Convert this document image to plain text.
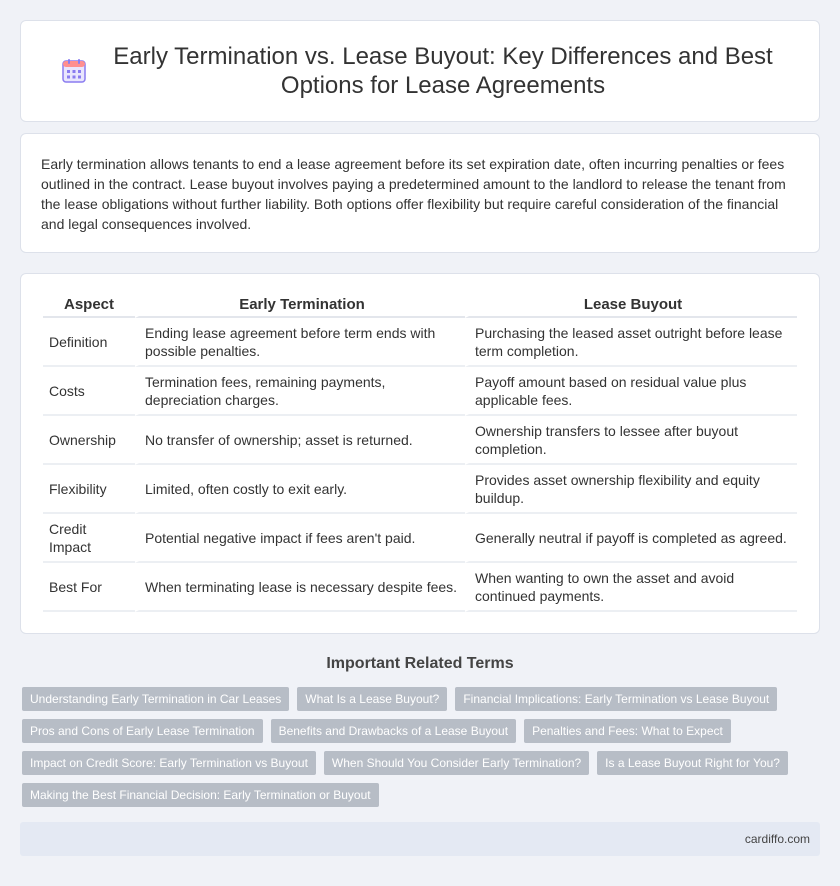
Early Termination vs. Lease Buyout: Key Differences and Best Options for Lease Agreements

Early termination allows tenants to end a lease agreement before its set expiration date, often incurring penalties or fees outlined in the contract. Lease buyout involves paying a predetermined amount to the landlord to release the tenant from the lease obligations without further liability. Both options offer flexibility but require careful consideration of the financial and legal consequences involved.

Aspect	Early Termination	Lease Buyout
Definition	Ending lease agreement before term ends with possible penalties.	Purchasing the leased asset outright before lease term completion.
Costs	Termination fees, remaining payments, depreciation charges.	Payoff amount based on residual value plus applicable fees.
Ownership	No transfer of ownership; asset is returned.	Ownership transfers to lessee after buyout completion.
Flexibility	Limited, often costly to exit early.	Provides asset ownership flexibility and equity buildup.
Credit Impact	Potential negative impact if fees aren't paid.	Generally neutral if payoff is completed as agreed.
Best For	When terminating lease is necessary despite fees.	When wanting to own the asset and avoid continued payments.
Important Related Terms
Understanding Early Termination in Car Leases	What Is a Lease Buyout?	Financial Implications: Early Termination vs Lease Buyout
Pros and Cons of Early Lease Termination	Benefits and Drawbacks of a Lease Buyout	Penalties and Fees: What to Expect
Impact on Credit Score: Early Termination vs Buyout	When Should You Consider Early Termination?	Is a Lease Buyout Right for You?
Making the Best Financial Decision: Early Termination or Buyout
cardiffo.com
